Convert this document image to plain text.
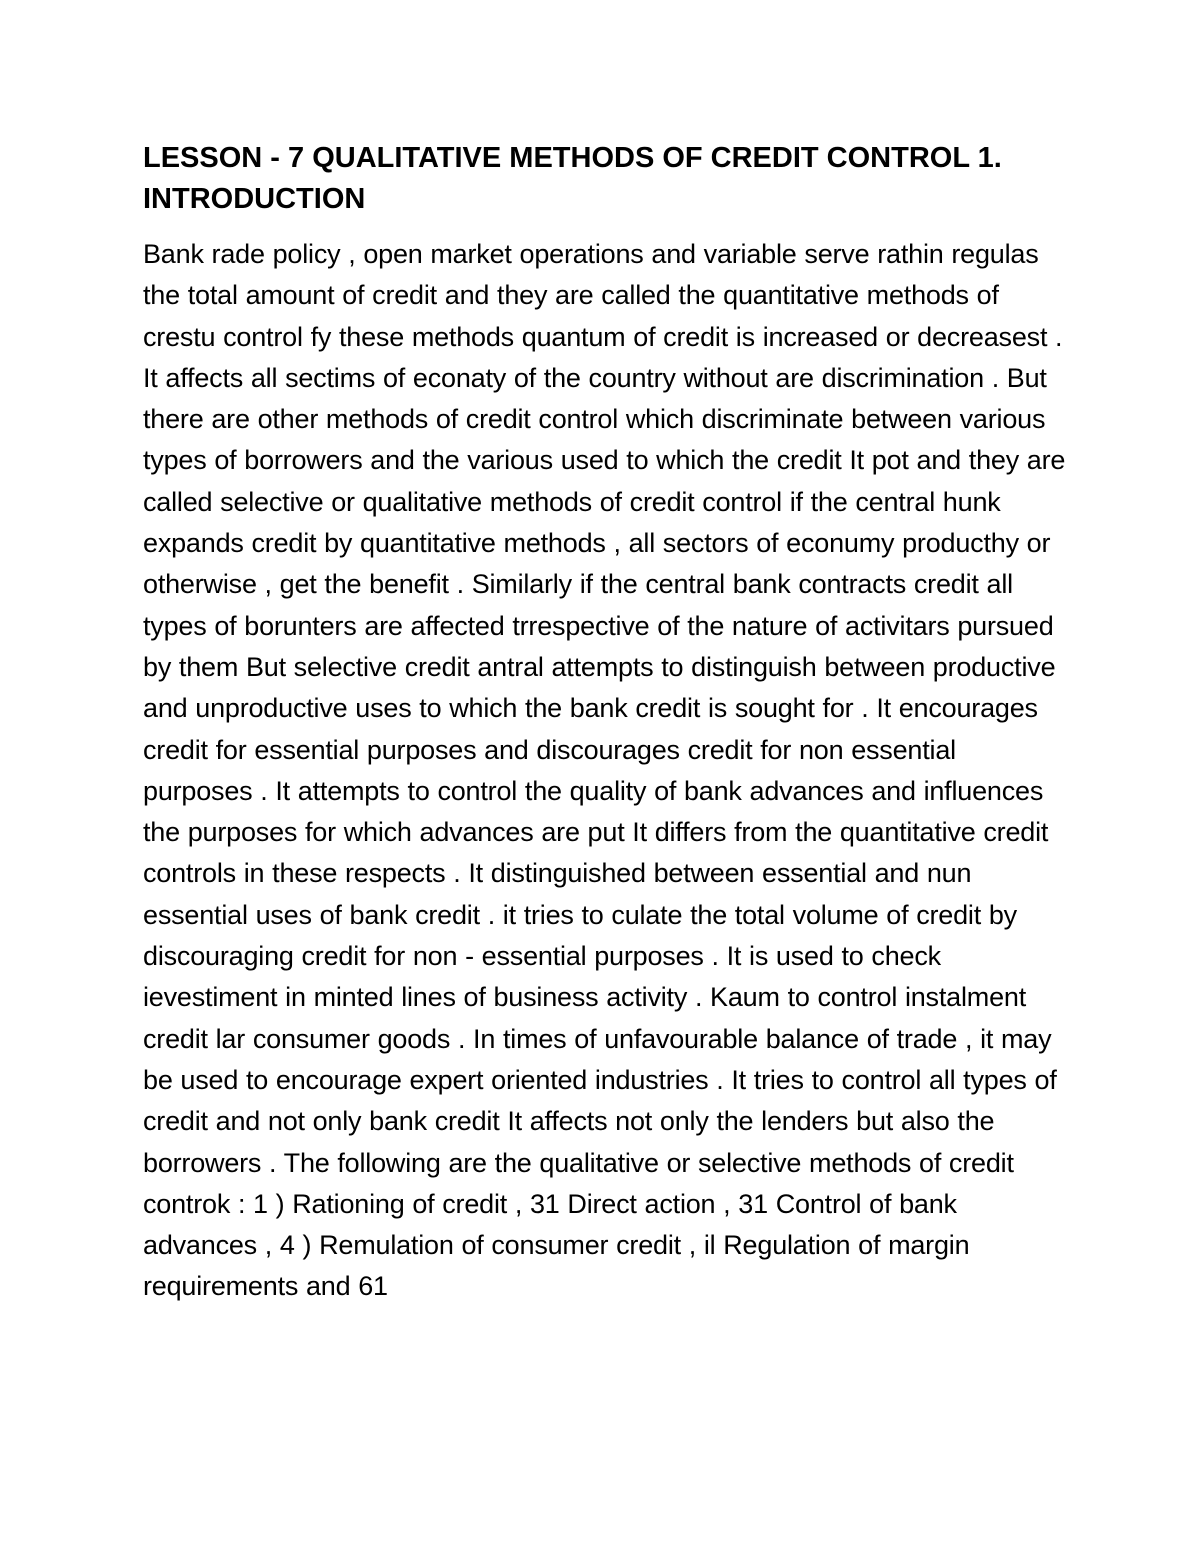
LESSON - 7 QUALITATIVE METHODS OF CREDIT CONTROL 1. INTRODUCTION

Bank rade policy , open market operations and variable serve rathin regulas the total amount of credit and they are called the quantitative methods of crestu control fy these methods quantum of credit is increased or decreasest . It affects all sectims of econaty of the country without are discrimination . But there are other methods of credit control which discriminate between various types of borrowers and the various used to which the credit It pot and they are called selective or qualitative methods of credit control if the central hunk expands credit by quantitative methods , all sectors of econumy producthy or otherwise , get the benefit . Similarly if the central bank contracts credit all types of borunters are affected trrespective of the nature of activitars pursued by them But selective credit antral attempts to distinguish between productive and unproductive uses to which the bank credit is sought for . It encourages credit for essential purposes and discourages credit for non essential purposes . It attempts to control the quality of bank advances and influences the purposes for which advances are put It differs from the quantitative credit controls in these respects . It distinguished between essential and nun essential uses of bank credit . it tries to culate the total volume of credit by discouraging credit for non - essential purposes . It is used to check ievestiment in minted lines of business activity . Kaum to control instalment credit lar consumer goods . In times of unfavourable balance of trade , it may be used to encourage expert oriented industries . It tries to control all types of credit and not only bank credit It affects not only the lenders but also the borrowers . The following are the qualitative or selective methods of credit controk : 1 ) Rationing of credit , 31 Direct action , 31 Control of bank advances , 4 ) Remulation of consumer credit , il Regulation of margin requirements and 61
